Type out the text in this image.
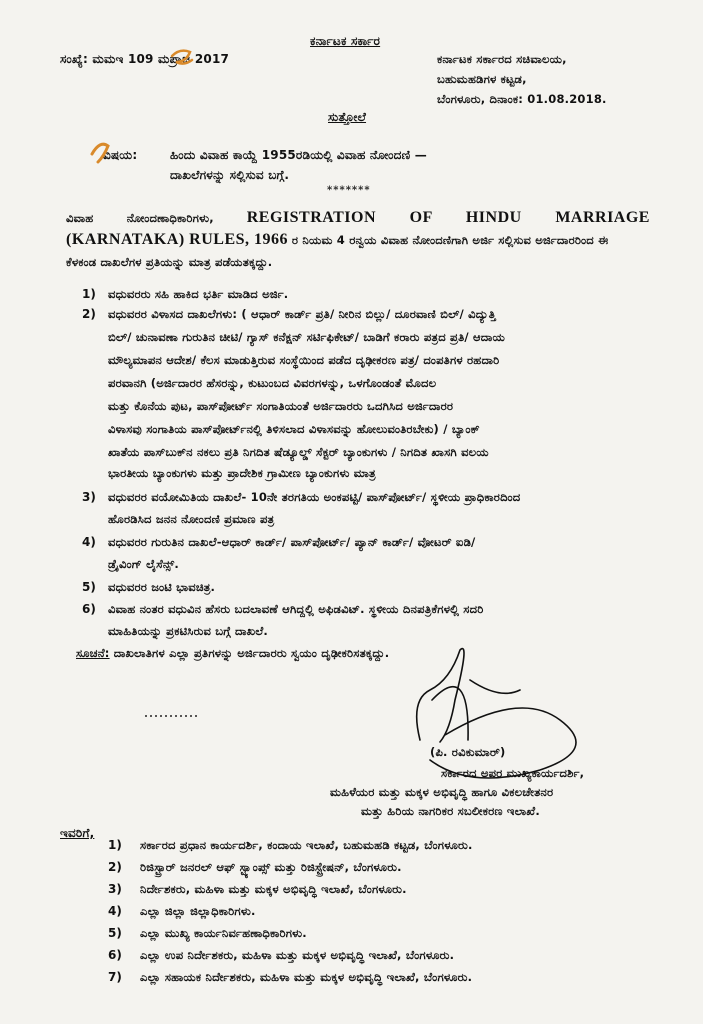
ಕರ್ನಾಟಕ ಸರ್ಕಾರ
ಸಂಖ್ಯೆ: ಮಮಇ 109 ಮಪ್ರಾಜ 2017	ಕರ್ನಾಟಕ ಸರ್ಕಾರದ ಸಚಿವಾಲಯ,
ಬಹುಮಹಡಿಗಳ ಕಟ್ಟಡ,
ಬೆಂಗಳೂರು, ದಿನಾಂಕ: 01.08.2018.
ಸುತ್ತೋಲೆ
ವಿಷಯ:	ಹಿಂದು ವಿವಾಹ ಕಾಯ್ದೆ 1955ರಡಿಯಲ್ಲಿ ವಿವಾಹ ನೋಂದಣಿ —
ದಾಖಲೆಗಳನ್ನು ಸಲ್ಲಿಸುವ ಬಗ್ಗೆ.
*******
ವಿವಾಹ ನೋಂದಣಾಧಿಕಾರಿಗಳು, REGISTRATION OF HINDU MARRIAGE
(KARNATAKA) RULES, 1966 ರ ನಿಯಮ 4 ರನ್ವಯ ವಿವಾಹ ನೋಂದಣಿಗಾಗಿ ಅರ್ಜಿ ಸಲ್ಲಿಸುವ ಅರ್ಜಿದಾರರಿಂದ ಈ
ಕೆಳಕಂಡ ದಾಖಲೆಗಳ ಪ್ರತಿಯನ್ನು ಮಾತ್ರ ಪಡೆಯತಕ್ಕದ್ದು.
1) ವಧುವರರು ಸಹಿ ಹಾಕಿದ ಭರ್ತಿ ಮಾಡಿದ ಅರ್ಜಿ.
2) ವಧುವರರ ವಿಳಾಸದ ದಾಖಲೆಗಳು: ( ಆಧಾರ್ ಕಾರ್ಡ್ ಪ್ರತಿ/ ನೀರಿನ ಬಿಲ್ಲು/ ದೂರವಾಣಿ ಬಿಲ್/ ವಿದ್ಯುತ್ತಿ
ಬಿಲ್/ ಚುನಾವಣಾ ಗುರುತಿನ ಚೀಟಿ/ ಗ್ಯಾಸ್ ಕನೆಕ್ಷನ್ ಸರ್ಟಿಫಿಕೇಟ್/ ಬಾಡಿಗೆ ಕರಾರು ಪತ್ರದ ಪ್ರತಿ/ ಆದಾಯ
ಮೌಲ್ಯಮಾಪನ ಆದೇಶ/ ಕೆಲಸ ಮಾಡುತ್ತಿರುವ ಸಂಸ್ಥೆಯಿಂದ ಪಡೆದ ದೃಢೀಕರಣ ಪತ್ರ/ ದಂಪತಿಗಳ ರಹದಾರಿ
ಪರವಾನಗಿ (ಅರ್ಜಿದಾರರ ಹೆಸರನ್ನು, ಕುಟುಂಬದ ವಿವರಗಳನ್ನು, ಒಳಗೊಂಡಂತೆ ಮೊದಲ
ಮತ್ತು ಕೊನೆಯ ಪುಟ, ಪಾಸ್‌ಪೋರ್ಟ್ ಸಂಗಾತಿಯಂತೆ ಅರ್ಜಿದಾರರು ಒದಗಿಸಿದ ಅರ್ಜಿದಾರರ
ವಿಳಾಸವು ಸಂಗಾತಿಯ ಪಾಸ್‌ಪೋರ್ಟ್‌ನಲ್ಲಿ ತಿಳಿಸಲಾದ ವಿಳಾಸವನ್ನು ಹೋಲುವಂತಿರಬೇಕು) / ಬ್ಯಾಂಕ್
ಖಾತೆಯ ಪಾಸ್‌ಬುಕ್‌ನ ನಕಲು ಪ್ರತಿ ನಿಗದಿತ ಷೆಡ್ಯೂಲ್ಡ್ ಸೆಕ್ಟರ್ ಬ್ಯಾಂಕುಗಳು / ನಿಗದಿತ ಖಾಸಗಿ ವಲಯ
ಭಾರತೀಯ ಬ್ಯಾಂಕುಗಳು ಮತ್ತು ಪ್ರಾದೇಶಿಕ ಗ್ರಾಮೀಣ ಬ್ಯಾಂಕುಗಳು ಮಾತ್ರ
3) ವಧುವರರ ವಯೋಮಿತಿಯ ದಾಖಲೆ- 10ನೇ ತರಗತಿಯ ಅಂಕಪಟ್ಟಿ/ ಪಾಸ್‌ಪೋರ್ಟ್/ ಸ್ಥಳೀಯ ಪ್ರಾಧಿಕಾರದಿಂದ
ಹೊರಡಿಸಿದ ಜನನ ನೋಂದಣಿ ಪ್ರಮಾಣ ಪತ್ರ
4) ವಧುವರರ ಗುರುತಿನ ದಾಖಲೆ-ಆಧಾರ್ ಕಾರ್ಡ್/ ಪಾಸ್‌ಪೋರ್ಟ್/ ಪ್ಯಾನ್ ಕಾರ್ಡ್/ ವೋಟರ್ ಐಡಿ/
ಡ್ರೈವಿಂಗ್ ಲೈಸೆನ್ಸ್.
5) ವಧುವರರ ಜಂಟಿ ಭಾವಚಿತ್ರ.
6) ವಿವಾಹ ನಂತರ ವಧುವಿನ ಹೆಸರು ಬದಲಾವಣೆ ಆಗಿದ್ದಲ್ಲಿ ಅಫಿಡವಿಟ್. ಸ್ಥಳೀಯ ದಿನಪತ್ರಿಕೆಗಳಲ್ಲಿ ಸದರಿ
ಮಾಹಿತಿಯನ್ನು ಪ್ರಕಟಿಸಿರುವ ಬಗ್ಗೆ ದಾಖಲೆ.
ಸೂಚನೆ: ದಾಖಲಾತಿಗಳ ಎಲ್ಲಾ ಪ್ರತಿಗಳನ್ನು ಅರ್ಜಿದಾರರು ಸ್ವಯಂ ದೃಢೀಕರಿಸತಕ್ಕದ್ದು.
(ಪಿ. ರವಿಕುಮಾರ್)
ಸರ್ಕಾರದ ಅಪರ ಮುಖ್ಯಕಾರ್ಯದರ್ಶಿ,
ಮಹಿಳೆಯರ ಮತ್ತು ಮಕ್ಕಳ ಅಭಿವೃದ್ಧಿ ಹಾಗೂ ವಿಕಲಚೇತನರ
ಮತ್ತು ಹಿರಿಯ ನಾಗರಿಕರ ಸಬಲೀಕರಣ ಇಲಾಖೆ.
ಇವರಿಗೆ,
1) ಸರ್ಕಾರದ ಪ್ರಧಾನ ಕಾರ್ಯದರ್ಶಿ, ಕಂದಾಯ ಇಲಾಖೆ, ಬಹುಮಹಡಿ ಕಟ್ಟಡ, ಬೆಂಗಳೂರು.
2) ರಿಜಿಸ್ಟ್ರಾರ್ ಜನರಲ್ ಆಫ್ ಸ್ಟ್ಯಾಂಪ್ಸ್ ಮತ್ತು ರಿಜಿಸ್ಟ್ರೇಷನ್, ಬೆಂಗಳೂರು.
3) ನಿರ್ದೇಶಕರು, ಮಹಿಳಾ ಮತ್ತು ಮಕ್ಕಳ ಅಭಿವೃದ್ಧಿ ಇಲಾಖೆ, ಬೆಂಗಳೂರು.
4) ಎಲ್ಲಾ ಜಿಲ್ಲಾ ಜಿಲ್ಲಾಧಿಕಾರಿಗಳು.
5) ಎಲ್ಲಾ ಮುಖ್ಯ ಕಾರ್ಯನಿರ್ವಹಣಾಧಿಕಾರಿಗಳು.
6) ಎಲ್ಲಾ ಉಪ ನಿರ್ದೇಶಕರು, ಮಹಿಳಾ ಮತ್ತು ಮಕ್ಕಳ ಅಭಿವೃದ್ಧಿ ಇಲಾಖೆ, ಬೆಂಗಳೂರು.
7) ಎಲ್ಲಾ ಸಹಾಯಕ ನಿರ್ದೇಶಕರು, ಮಹಿಳಾ ಮತ್ತು ಮಕ್ಕಳ ಅಭಿವೃದ್ಧಿ ಇಲಾಖೆ, ಬೆಂಗಳೂರು.
